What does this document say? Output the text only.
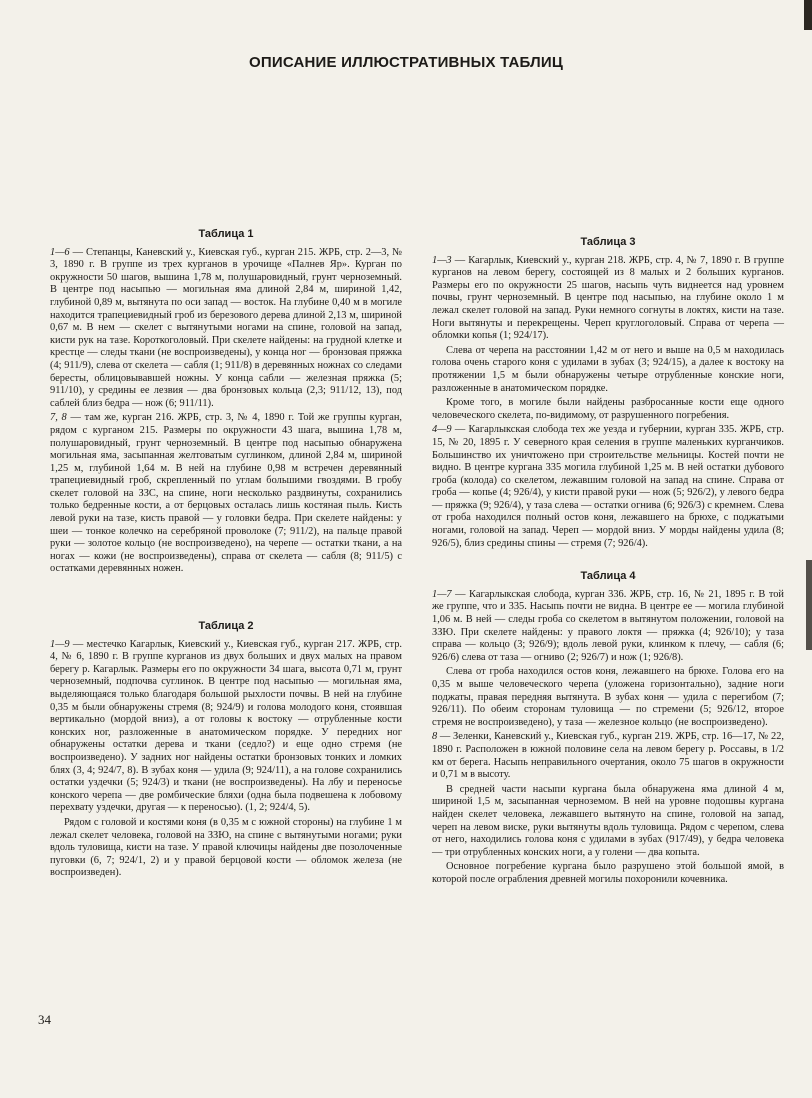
ОПИСАНИЕ ИЛЛЮСТРАТИВНЫХ ТАБЛИЦ
Таблица 1

1—6 — Степанцы, Каневский у., Киевская губ., курган 215. ЖРБ, стр. 2—3, № 3, 1890 г. В группе из трех курганов в урочище «Палнев Яр». Курган по окружности 50 шагов, вышина 1,78 м, полушаровидный, грунт черноземный. В центре под насыпью — могильная яма длиной 2,84 м, шириной 1,42, глубиной 0,89 м, вытянута по оси запад — восток. На глубине 0,40 м в могиле находится трапециевидный гроб из березового дерева длиной 2,13 м, шириной 0,67 м. В нем — скелет с вытянутыми ногами на спине, головой на запад, кисти рук на тазе. Короткоголовый. При скелете найдены: на грудной клетке и крестце — следы ткани (не воспроизведены), у конца ног — бронзовая пряжка (4; 911/9), слева от скелета — сабля (1; 911/8) в деревянных ножнах со следами бересты, облицовывавшей ножны. У конца сабли — железная пряжка (5; 911/10), у средины ее лезвия — два бронзовых кольца (2,3; 911/12, 13), под саблей близ бедра — нож (6; 911/11).

7, 8 — там же, курган 216. ЖРБ, стр. 3, № 4, 1890 г. Той же группы курган, рядом с курганом 215. Размеры по окружности 43 шага, вышина 1,78 м, полушаровидный, грунт черноземный. В центре под насыпью обнаружена могильная яма, засыпанная желтоватым суглинком, длиной 2,84 м, шириной 1,25 м, глубиной 1,64 м. В ней на глубине 0,98 м встречен деревянный трапециевидный гроб, скрепленный по углам большими гвоздями. В гробу скелет головой на ЗЗС, на спине, ноги несколько раздвинуты, сохранились только бедренные кости, а от берцовых осталась лишь костяная пыль. Кисть левой руки на тазе, кисть правой — у головки бедра. При скелете найдены: у шеи — тонкое колечко на серебряной проволоке (7; 911/2), на пальце правой руки — золотое кольцо (не воспроизведено), на черепе — остатки ткани, а на ногах — кожи (не воспроизведены), справа от скелета — сабля (8; 911/5) с остатками деревянных ножен.

Таблица 2

1—9 — местечко Кагарлык, Киевский у., Киевская губ., курган 217. ЖРБ, стр. 4, № 6, 1890 г. В группе курганов из двух больших и двух малых на правом берегу р. Кагарлык. Размеры его по окружности 34 шага, высота 0,71 м, грунт черноземный, подпочва суглинок. В центре под насыпью — могильная яма, выделяющаяся только благодаря большой рыхлости почвы. В ней на глубине 0,35 м были обнаружены стремя (8; 924/9) и голова молодого коня, стоявшая вертикально (мордой вниз), а от головы к востоку — отрубленные кости конских ног, разложенные в анатомическом порядке. У передних ног обнаружены остатки дерева и ткани (седло?) и еще одно стремя (не воспроизведено). У задних ног найдены остатки бронзовых тонких и ломких блях (3, 4; 924/7, 8). В зубах коня — удила (9; 924/11), а на голове сохранились остатки уздечки (5; 924/3) и ткани (не воспроизведены). На лбу и переносье конского черепа — две ромбические бляхи (одна была подвешена к лобовому перехвату уздечки, другая — к переносью). (1, 2; 924/4, 5).

Рядом с головой и костями коня (в 0,35 м с южной стороны) на глубине 1 м лежал скелет человека, головой на ЗЗЮ, на спине с вытянутыми ногами; руки вдоль туловища, кисти на тазе. У правой ключицы найдены две позолоченные пуговки (6, 7; 924/1, 2) и у правой берцовой кости — обломок железа (не воспроизведен).

Таблица 3

1—3 — Кагарлык, Киевский у., курган 218. ЖРБ, стр. 4, № 7, 1890 г. В группе курганов на левом берегу, состоящей из 8 малых и 2 больших курганов. Размеры его по окружности 25 шагов, насыпь чуть виднеется над уровнем почвы, грунт черноземный. В центре под насыпью, на глубине около 1 м лежал скелет головой на запад. Руки немного согнуты в локтях, кисти на тазе. Ноги вытянуты и перекрещены. Череп круглоголовый. Справа от черепа — обломки копья (1; 924/17).

Слева от черепа на расстоянии 1,42 м от него и выше на 0,5 м находилась голова очень старого коня с удилами в зубах (3; 924/15), а далее к востоку на протяжении 1,5 м были обнаружены четыре отрубленные конские ноги, разложенные в анатомическом порядке.

Кроме того, в могиле были найдены разбросанные кости еще одного человеческого скелета, по-видимому, от разрушенного погребения.

4—9 — Кагарлыкская слобода тех же уезда и губернии, курган 335. ЖРБ, стр. 15, № 20, 1895 г. У северного края селения в группе маленьких курганчиков. Большинство их уничтожено при строительстве мельницы. Костей почти не видно. В центре кургана 335 могила глубиной 1,25 м. В ней остатки дубового гроба (колода) со скелетом, лежавшим головой на запад на спине. Справа от гроба — копье (4; 926/4), у кисти правой руки — нож (5; 926/2), у левого бедра — пряжка (9; 926/4), у таза слева — остатки огнива (6; 926/3) с кремнем. Слева от гроба находился полный остов коня, лежавшего на брюхе, с поджатыми ногами, головой на запад. Череп — мордой вниз. У морды найдены удила (8; 926/5), близ средины спины — стремя (7; 926/4).

Таблица 4

1—7 — Кагарлыкская слобода, курган 336. ЖРБ, стр. 16, № 21, 1895 г. В той же группе, что и 335. Насыпь почти не видна. В центре ее — могила глубиной 1,06 м. В ней — следы гроба со скелетом в вытянутом положении, головой на ЗЗЮ. При скелете найдены: у правого локтя — пряжка (4; 926/10); у таза справа — кольцо (3; 926/9); вдоль левой руки, клинком к плечу, — сабля (6; 926/6) слева от таза — огниво (2; 926/7) и нож (1; 926/8).

Слева от гроба находился остов коня, лежавшего на брюхе. Голова его на 0,35 м выше человеческого черепа (уложена горизонтально), задние ноги поджаты, правая передняя вытянута. В зубах коня — удила с перегибом (7; 926/11). По обеим сторонам туловища — по стремени (5; 926/12, второе стремя не воспроизведено), у таза — железное кольцо (не воспроизведено).

8 — Зеленки, Каневский у., Киевская губ., курган 219. ЖРБ, стр. 16—17, № 22, 1890 г. Расположен в южной половине села на левом берегу р. Россавы, в 1/2 км от берега. Насыпь неправильного очертания, около 75 шагов в окружности и 0,71 м в высоту.

В средней части насыпи кургана была обнаружена яма длиной 4 м, шириной 1,5 м, засыпанная черноземом. В ней на уровне подошвы кургана найден скелет человека, лежавшего вытянуто на спине, головой на запад, череп на левом виске, руки вытянуты вдоль туловища. Рядом с черепом, слева от него, находились голова коня с удилами в зубах (917/49), у бедра человека — три отрубленных конских ноги, а у голени — два копыта.

Основное погребение кургана было разрушено этой большой ямой, в которой после ограбления древней могилы похоронили кочевника.

34
